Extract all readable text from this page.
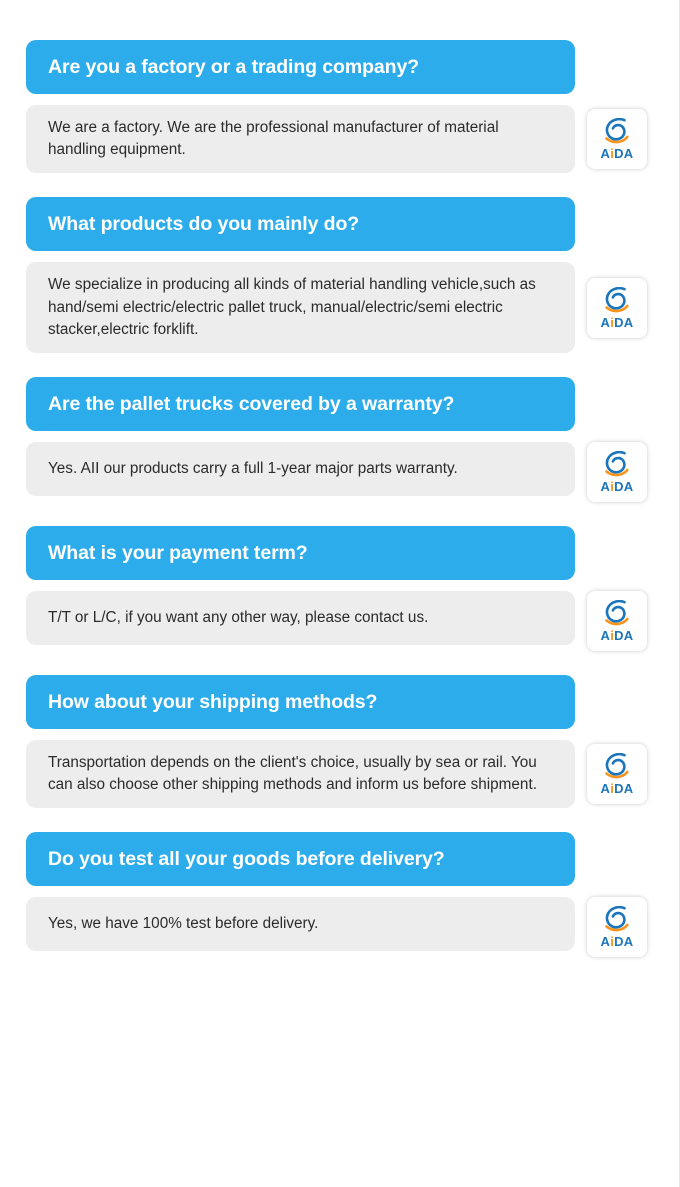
Are you a factory or a trading company?
We are a factory. We are the professional manufacturer of material handling equipment.	AiDA
What products do you mainly do?
We specialize in producing all kinds of material handling vehicle,such as hand/semi electric/electric pallet truck, manual/electric/semi electric stacker,electric forklift.	AiDA
Are the pallet trucks covered by a warranty?
Yes. AII our products carry a full 1-year major parts warranty.
AiDA
What is your payment term?
T/T or L/C, if you want any other way, please contact us.
AiDA
How about your shipping methods?
Transportation depends on the client's choice, usually by sea or rail. You can also choose other shipping methods and inform us before shipment.	AiDA
Do you test all your goods before delivery?
Yes, we have 100% test before delivery.
AiDA
